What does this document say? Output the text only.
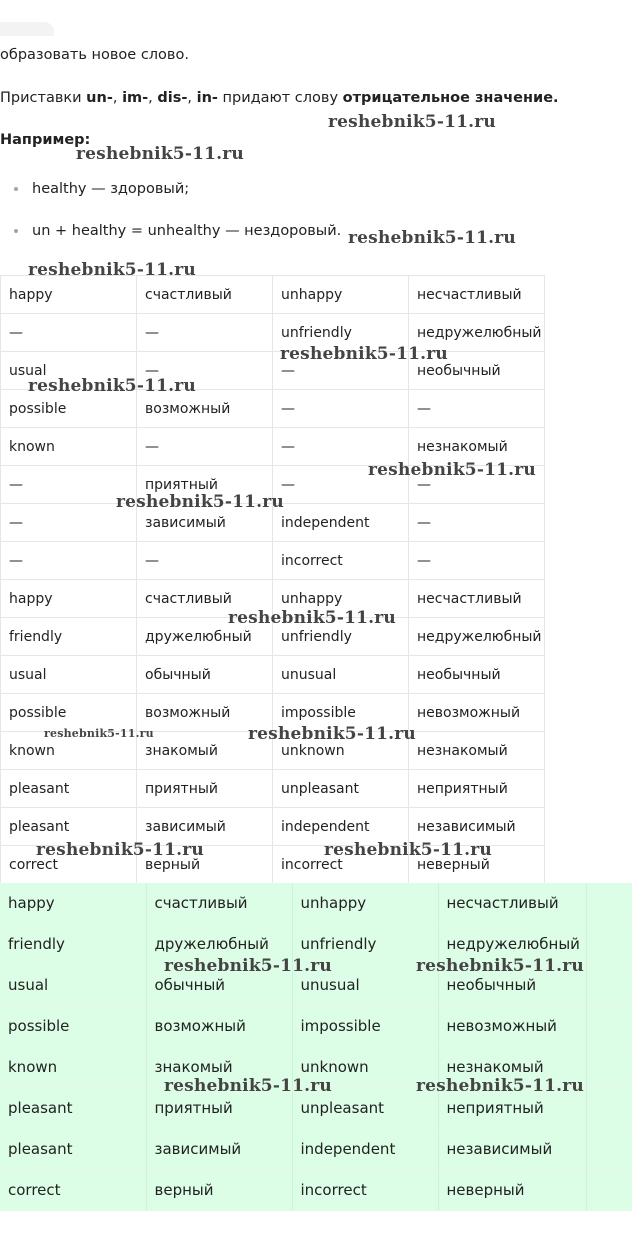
образовать новое слово.
Приставки un-, im-, dis-, in- придают слову отрицательное значение.
Например:
healthy — здоровый;
un + healthy = unhealthy — нездоровый.
happy	счастливый	unhappy	несчастливый
—	—	unfriendly	недружелюбный
usual	—	—	необычный
possible	возможный	—	—
known	—	—	незнакомый
—	приятный	—	—
—	зависимый	independent	—
—	—	incorrect	—
happy	счастливый	unhappy	несчастливый
friendly	дружелюбный	unfriendly	недружелюбный
usual	обычный	unusual	необычный
possible	возможный	impossible	невозможный
known	знакомый	unknown	незнакомый
pleasant	приятный	unpleasant	неприятный
pleasant	зависимый	independent	независимый
correct	верный	incorrect	неверный
happy	счастливый	unhappy	несчастливый	
friendly	дружелюбный	unfriendly	недружелюбный	
usual	обычный	unusual	необычный	
possible	возможный	impossible	невозможный	
known	знакомый	unknown	незнакомый	
pleasant	приятный	unpleasant	неприятный	
pleasant	зависимый	independent	независимый	
correct	верный	incorrect	неверный	
reshebnik5-11.ru
reshebnik5-11.ru
reshebnik5-11.ru
reshebnik5-11.ru
reshebnik5-11.ru
reshebnik5-11.ru
reshebnik5-11.ru
reshebnik5-11.ru
reshebnik5-11.ru
reshebnik5-11.ru	reshebnik5-11.ru
reshebnik5-11.ru	reshebnik5-11.ru
reshebnik5-11.ru	reshebnik5-11.ru
reshebnik5-11.ru	reshebnik5-11.ru
